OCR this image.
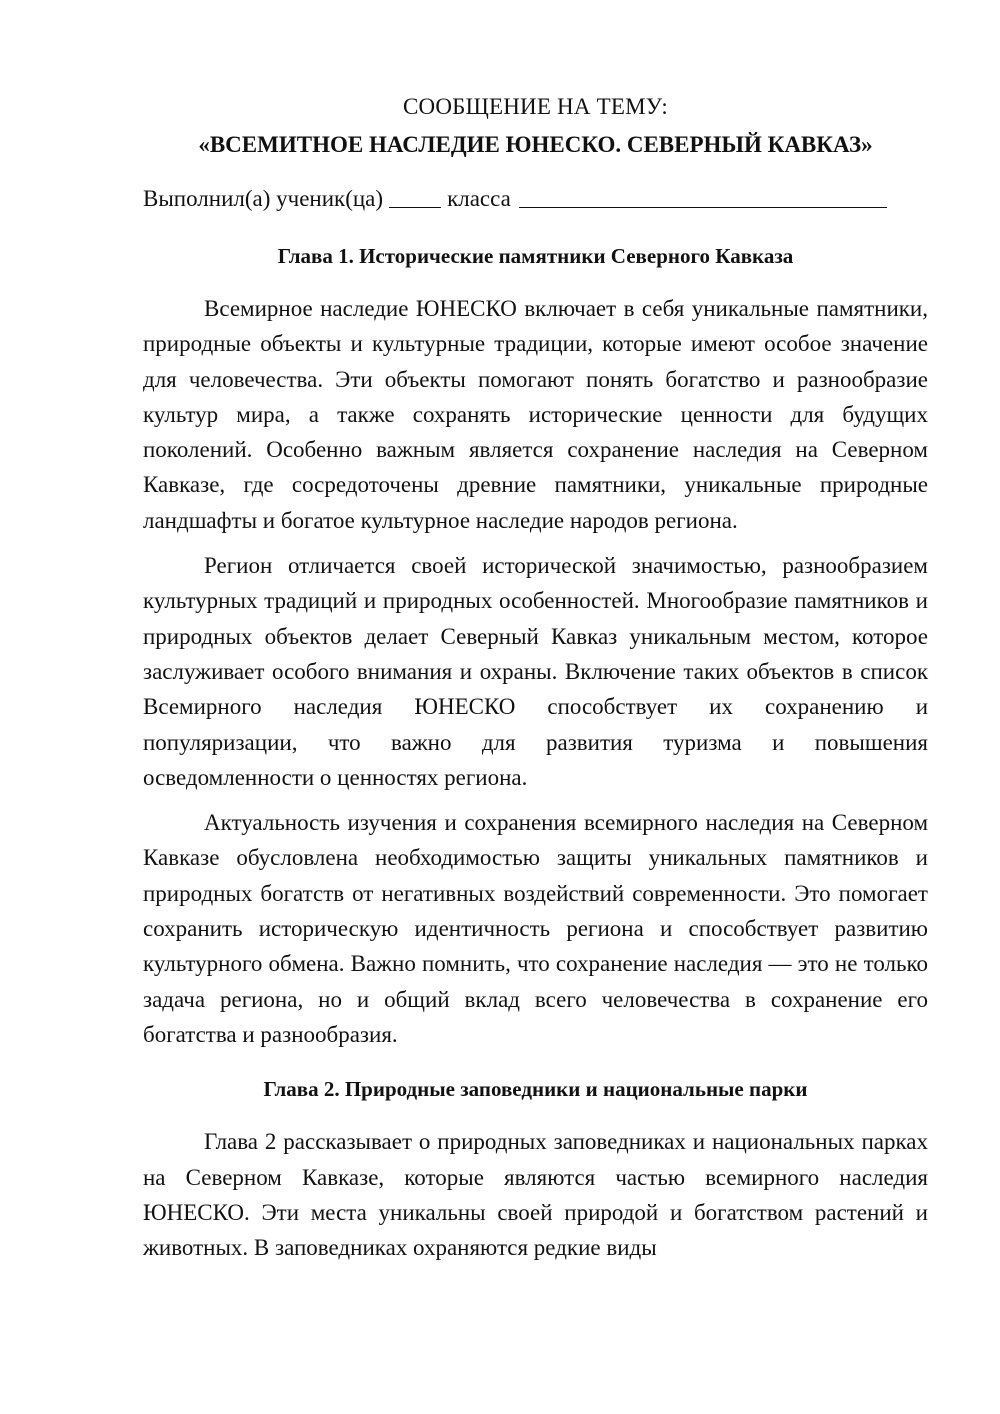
СООБЩЕНИЕ НА ТЕМУ:

«ВСЕМИТНОЕ НАСЛЕДИЕ ЮНЕСКО. СЕВЕРНЫЙ КАВКАЗ»

Выполнил(а) ученик(ца)	класса
Глава 1. Исторические памятники Северного Кавказа

Всемирное наследие ЮНЕСКО включает в себя уникальные памятники, природные объекты и культурные традиции, которые имеют особое значение для человечества. Эти объекты помогают понять богатство и разнообразие культур мира, а также сохранять исторические ценности для будущих поколений. Особенно важным является сохранение наследия на Северном Кавказе, где сосредоточены древние памятники, уникальные природные ландшафты и богатое культурное наследие народов региона.

Регион отличается своей исторической значимостью, разнообразием культурных традиций и природных особенностей. Многообразие памятников и природных объектов делает Северный Кавказ уникальным местом, которое заслуживает особого внимания и охраны. Включение таких объектов в список Всемирного наследия ЮНЕСКО способствует их сохранению и популяризации, что важно для развития туризма и повышения осведомленности о ценностях региона.

Актуальность изучения и сохранения всемирного наследия на Северном Кавказе обусловлена необходимостью защиты уникальных памятников и природных богатств от негативных воздействий современности. Это помогает сохранить историческую идентичность региона и способствует развитию культурного обмена. Важно помнить, что сохранение наследия — это не только задача региона, но и общий вклад всего человечества в сохранение его богатства и разнообразия.

Глава 2. Природные заповедники и национальные парки

Глава 2 рассказывает о природных заповедниках и национальных парках на Северном Кавказе, которые являются частью всемирного наследия ЮНЕСКО. Эти места уникальны своей природой и богатством растений и животных. В заповедниках охраняются редкие виды
